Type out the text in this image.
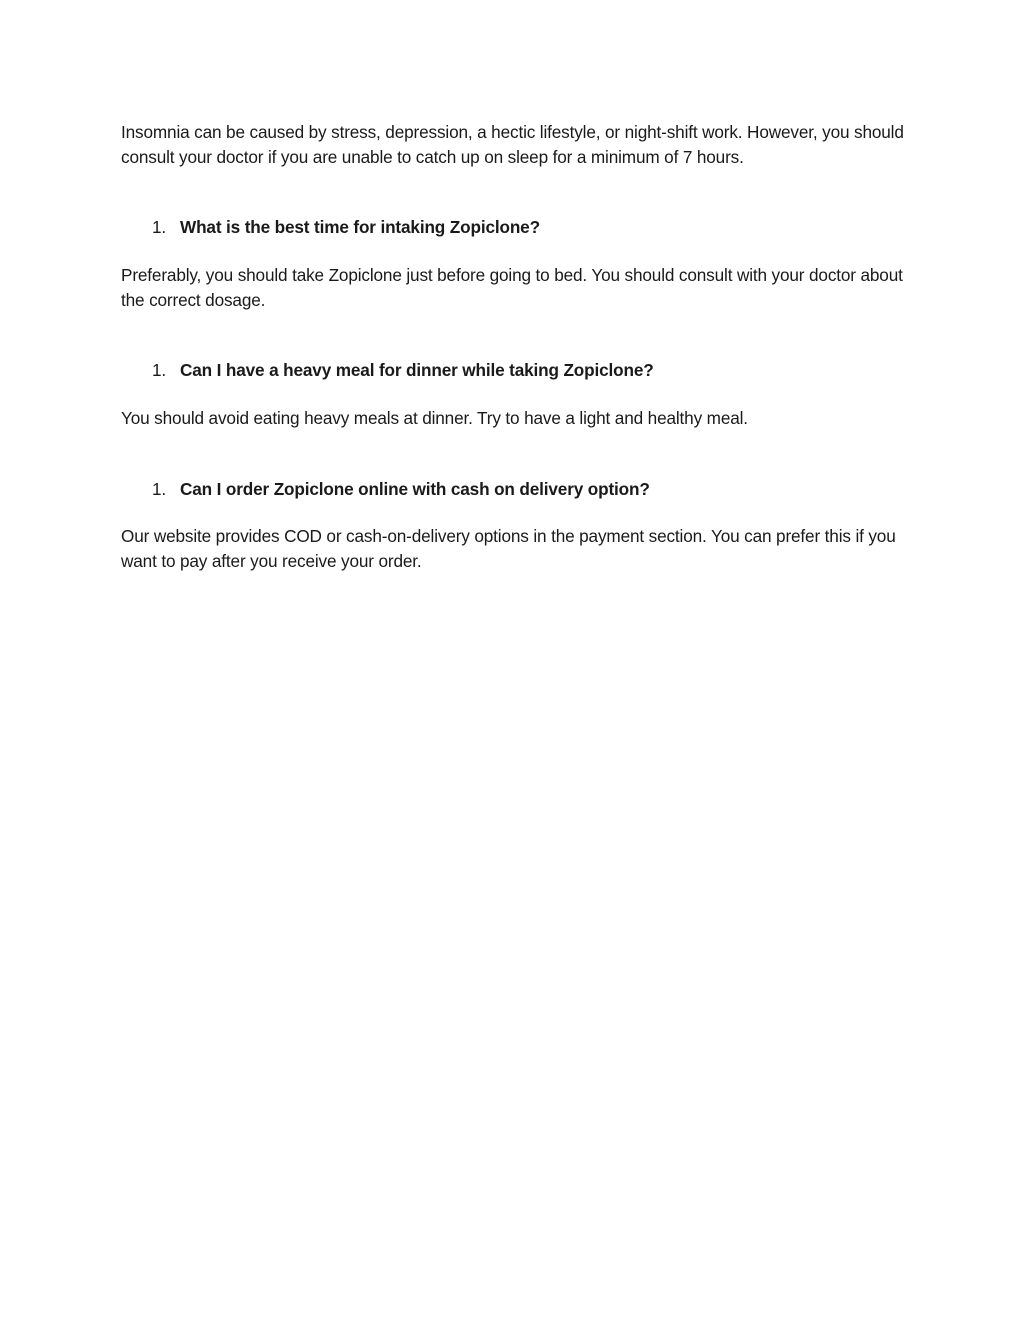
Insomnia can be caused by stress, depression, a hectic lifestyle, or night-shift work. However, you should consult your doctor if you are unable to catch up on sleep for a minimum of 7 hours.

1. What is the best time for intaking Zopiclone?

Preferably, you should take Zopiclone just before going to bed. You should consult with your doctor about the correct dosage.

1. Can I have a heavy meal for dinner while taking Zopiclone?

You should avoid eating heavy meals at dinner. Try to have a light and healthy meal.

1. Can I order Zopiclone online with cash on delivery option?

Our website provides COD or cash-on-delivery options in the payment section. You can prefer this if you want to pay after you receive your order.
